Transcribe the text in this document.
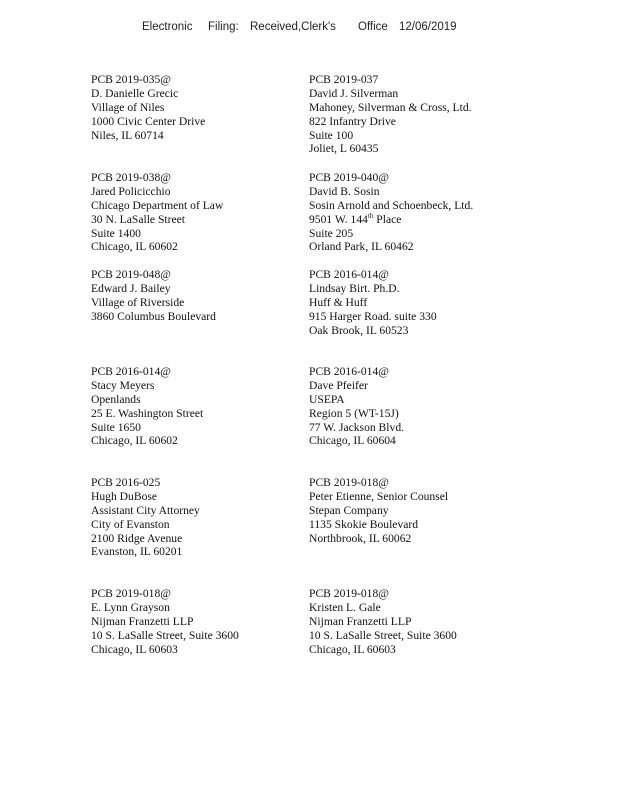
Electronic

Filing:

Received,Clerk's

Office

12/06/2019

PCB 2019-035@
D. Danielle Grecic
Village of Niles
1000 Civic Center Drive
Niles, IL 60714
PCB 2019-037
David J. Silverman
Mahoney, Silverman & Cross, Ltd.
822 Infantry Drive
Suite 100
Joliet, L 60435
PCB 2019-038@
Jared Policicchio
Chicago Department of Law
30 N. LaSalle Street
Suite 1400
Chicago, IL 60602
PCB 2019-040@
David B. Sosin
Sosin Arnold and Schoenbeck, Ltd.
9501 W. 144th Place
Suite 205
Orland Park, IL 60462
PCB 2019-048@
Edward J. Bailey
Village of Riverside
3860 Columbus Boulevard
PCB 2016-014@
Lindsay Birt. Ph.D.
Huff & Huff
915 Harger Road. suite 330
Oak Brook, IL 60523
PCB 2016-014@
Stacy Meyers
Openlands
25 E. Washington Street
Suite 1650
Chicago, IL 60602
PCB 2016-014@
Dave Pfeifer
USEPA
Region 5 (WT-15J)
77 W. Jackson Blvd.
Chicago, IL 60604
PCB 2016-025
Hugh DuBose
Assistant City Attorney
City of Evanston
2100 Ridge Avenue
Evanston, IL 60201
PCB 2019-018@
Peter Etienne, Senior Counsel
Stepan Company
1135 Skokie Boulevard
Northbrook, IL 60062
PCB 2019-018@
E. Lynn Grayson
Nijman Franzetti LLP
10 S. LaSalle Street, Suite 3600
Chicago, IL 60603
PCB 2019-018@
Kristen L. Gale
Nijman Franzetti LLP
10 S. LaSalle Street, Suite 3600
Chicago, IL 60603
